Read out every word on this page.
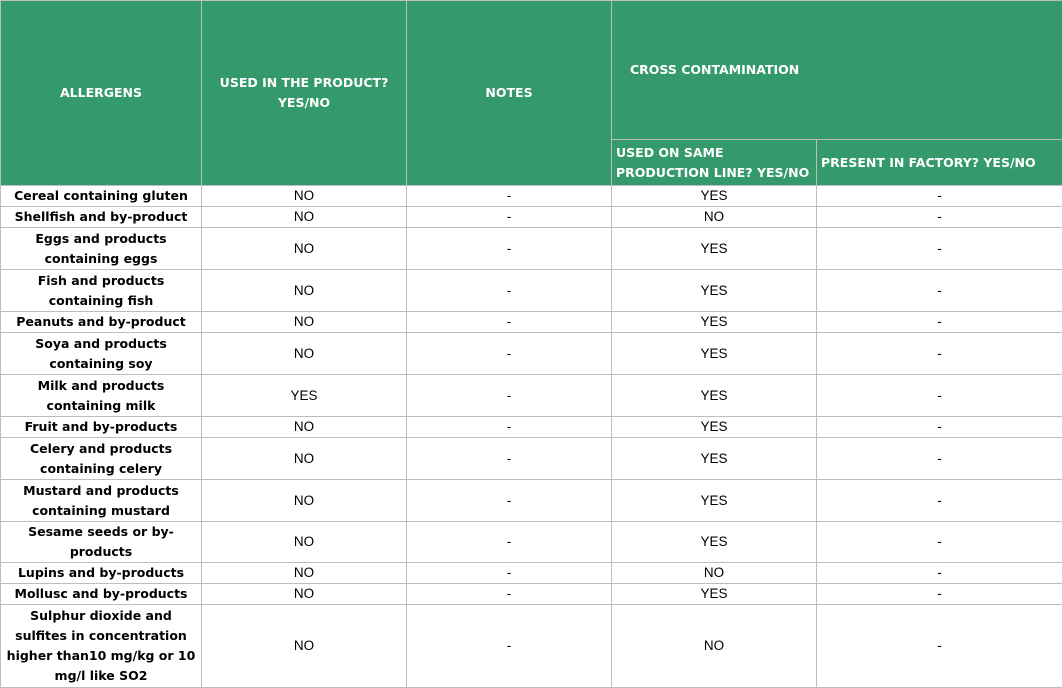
ALLERGENS	USED IN THE PRODUCT? YES/NO	NOTES	CROSS CONTAMINATION	

			USED ON SAME PRODUCTION LINE? YES/NO	PRESENT IN FACTORY? YES/NO
Cereal containing gluten	NO	-	YES	-
Shellfish and by-product	NO	-	NO	-
Eggs and products containing eggs	NO	-	YES	-
Fish and products containing fish	NO	-	YES	-
Peanuts and by-product	NO	-	YES	-
Soya and products containing soy	NO	-	YES	-
Milk and products containing milk	YES	-	YES	-
Fruit and by-products	NO	-	YES	-
Celery and products containing celery	NO	-	YES	-
Mustard and products containing mustard	NO	-	YES	-
Sesame seeds or by-products	NO	-	YES	-
Lupins and by-products	NO	-	NO	-
Mollusc and by-products	NO	-	YES	-
Sulphur dioxide and sulfites in concentration higher than10 mg/kg or 10 mg/l like SO2	NO	-	NO	-
